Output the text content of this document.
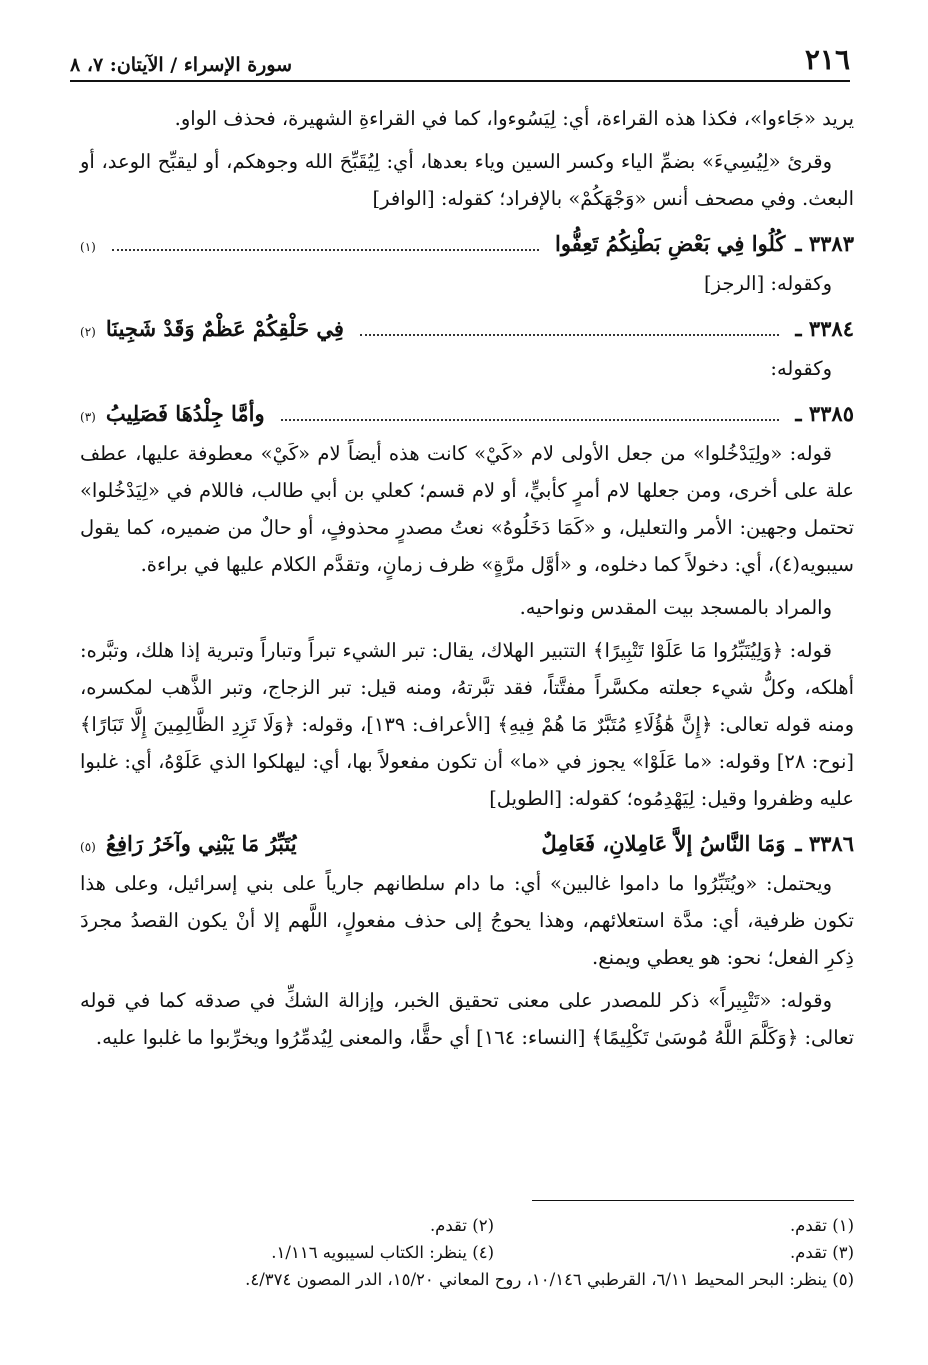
٢١٦
سورة الإسراء / الآيتان: ٧، ٨

يريد «جَاءوا»، فكذا هذه القراءة، أي: لِيَسُوءوا، كما في القراءةِ الشهيرة، فحذف الواو.

وقرئ «لِيُسِيءَ» بضمِّ الياء وكسر السين وياء بعدها، أي: لِيُقَبِّحَ الله وجوهكم، أو ليقبِّح الوعد، أو البعث. وفي مصحف أنس «وَجْهَكُمْ» بالإفراد؛ كقوله: [الوافر]

٣٣٨٣ ـ
كُلُوا فِي بَعْضِ بَطْنِكُمُ تَعِفُّوا
(١)

وكقوله: [الرجز]

٣٣٨٤ ـ
فِي حَلْقِكُمْ عَظْمٌ وَقَدْ شَجِينَا
(٢)

وكقوله:

٣٣٨٥ ـ
وأمَّا جِلْدُهَا فَصَلِيبُ
(٣)

قوله: «ولِيَدْخُلوا» من جعل الأولى لام «كَيْ» كانت هذه أيضاً لام «كَيْ» معطوفة عليها، عطف علة على أخرى، ومن جعلها لام أمرٍ كأبيٍّ، أو لام قسم؛ كعلي بن أبي طالب، فاللام في «لِيَدْخُلوا» تحتمل وجهين: الأمر والتعليل، و «كَمَا دَخَلُوهُ» نعتُ مصدرٍ محذوفٍ، أو حالٌ من ضميره، كما يقول سيبويه(٤)، أي: دخولاً كما دخلوه، و «أوَّل مرَّةٍ» ظرف زمانٍ، وتقدَّم الكلام عليها في براءة.

والمراد بالمسجد بيت المقدس ونواحيه.

قوله: ﴿وَلِيُتَبِّرُوا مَا عَلَوْا تَتْبِيرًا﴾ التتبير الهلاك، يقال: تبر الشيء تبراً وتباراً وتبرية إذا هلك، وتبَّره: أهلكه، وكلُّ شيء جعلته مكسَّراً مفتَّتاً، فقد تبَّرتهُ، ومنه قيل: تبر الزجاج، وتبر الذَّهب لمكسره، ومنه قوله تعالى: ﴿إِنَّ هَٰؤُلَاءِ مُتَبَّرٌ مَا هُمْ فِيهِ﴾ [الأعراف: ١٣٩]، وقوله: ﴿وَلَا تَزِدِ الظَّالِمِينَ إِلَّا تَبَارًا﴾ [نوح: ٢٨] وقوله: «ما عَلَوْا» يجوز في «ما» أن تكون مفعولاً بها، أي: ليهلكوا الذي عَلَوْهُ، أي: غلبوا عليه وظفروا وقيل: لِيَهْدِمُوه؛ كقوله: [الطويل]

٣٣٨٦ ـ
وَمَا النَّاسُ إلاَّ عَامِلانِ، فَعَامِلٌ
يُتَبِّرُ مَا يَبْنِي وآخَرُ رَافِعُ
(٥)

ويحتمل: «ويُتَبِّرُوا ما داموا غالبين» أي: ما دام سلطانهم جارياً على بني إسرائيل، وعلى هذا تكون ظرفية، أي: مدَّة استعلائهم، وهذا يحوجُ إلى حذف مفعولٍ، اللَّهم إلا أنْ يكون القصدُ مجردَ ذِكرِ الفعل؛ نحو: هو يعطي ويمنع.

وقوله: «تَتْبِيراً» ذكر للمصدر على معنى تحقيق الخبر، وإزالة الشكِّ في صدقه كما في قوله تعالى: ﴿وَكَلَّمَ اللَّهُ مُوسَىٰ تَكْلِيمًا﴾ [النساء: ١٦٤] أي حقًّا، والمعنى لِيُدمِّرُوا ويخرِّبوا ما غلبوا عليه.

(١) تقدم.
(٢) تقدم.
(٣) تقدم.
(٤) ينظر: الكتاب لسيبويه ١/١١٦.
(٥) ينظر: البحر المحيط ٦/١١، القرطبي ١٠/١٤٦، روح المعاني ١٥/٢٠، الدر المصون ٤/٣٧٤.
